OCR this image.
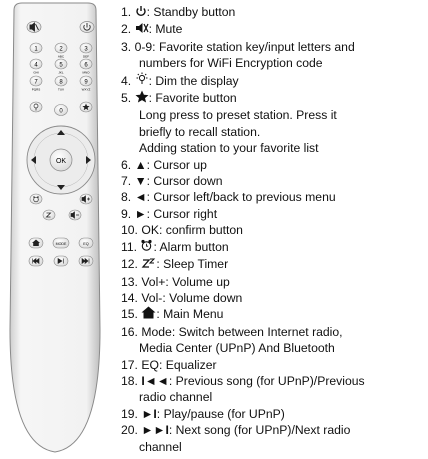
1	2
ABC
3
DEF
4
GHI
5
JKL
6
MNO
7
PQRS
8
TUV
9
WXYZ
0
OK
MODE	EQ
1. : Standby button
2. : Mute
3. 0-9: Favorite station key/input letters and
numbers for WiFi Encryption code
4. : Dim the display
5. : Favorite button
Long press to preset station. Press it
briefly to recall station.
Adding station to your favorite list
6. ▲: Cursor up
7. ▼: Cursor down
8. ◄: Cursor left/back to previous menu
9. ►: Cursor right
10. OK: confirm button
11. : Alarm button
12. : Sleep Timer
13. Vol+: Volume up
14. Vol-: Volume down
15. : Main Menu
16. Mode: Switch between Internet radio,
Media Center (UPnP) And Bluetooth
17. EQ: Equalizer
18. I◄◄: Previous song (for UPnP)/Previous
radio channel
19. ►I: Play/pause (for UPnP)
20. ►►I: Next song (for UPnP)/Next radio
channel
